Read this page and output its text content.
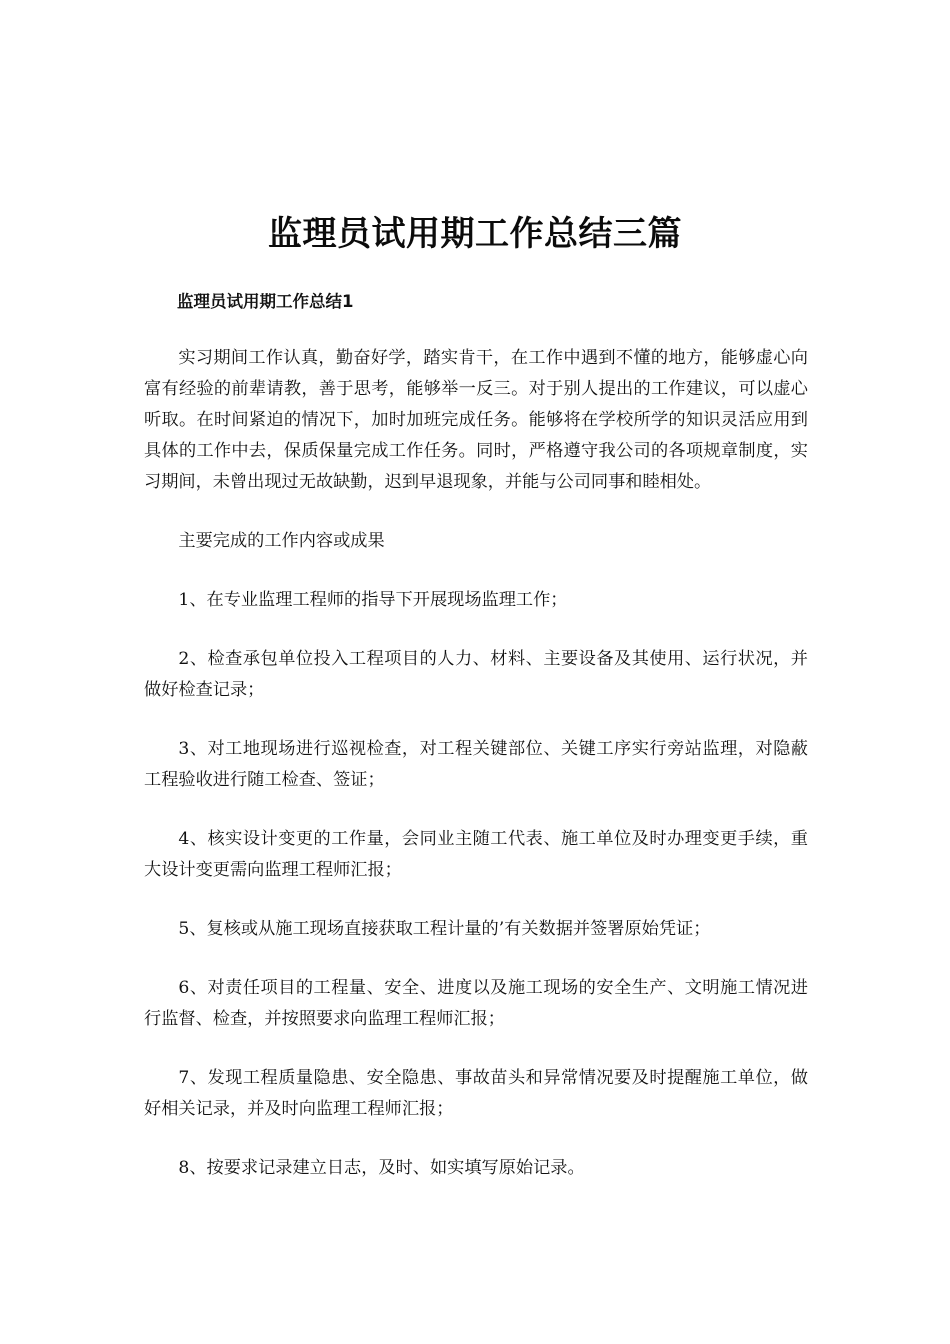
监理员试用期工作总结三篇

监理员试用期工作总结1

实习期间工作认真，勤奋好学，踏实肯干，在工作中遇到不懂的地方，能够虚心向富有经验的前辈请教，善于思考，能够举一反三。对于别人提出的工作建议，可以虚心听取。在时间紧迫的情况下，加时加班完成任务。能够将在学校所学的知识灵活应用到具体的工作中去，保质保量完成工作任务。同时，严格遵守我公司的各项规章制度，实习期间，未曾出现过无故缺勤，迟到早退现象，并能与公司同事和睦相处。

主要完成的工作内容或成果

1、在专业监理工程师的指导下开展现场监理工作；

2、检查承包单位投入工程项目的人力、材料、主要设备及其使用、运行状况，并做好检查记录；

3、对工地现场进行巡视检查，对工程关键部位、关键工序实行旁站监理，对隐蔽工程验收进行随工检查、签证；

4、核实设计变更的工作量，会同业主随工代表、施工单位及时办理变更手续，重大设计变更需向监理工程师汇报；

5、复核或从施工现场直接获取工程计量的’有关数据并签署原始凭证；

6、对责任项目的工程量、安全、进度以及施工现场的安全生产、文明施工情况进行监督、检查，并按照要求向监理工程师汇报；

7、发现工程质量隐患、安全隐患、事故苗头和异常情况要及时提醒施工单位，做好相关记录，并及时向监理工程师汇报；

8、按要求记录建立日志，及时、如实填写原始记录。
